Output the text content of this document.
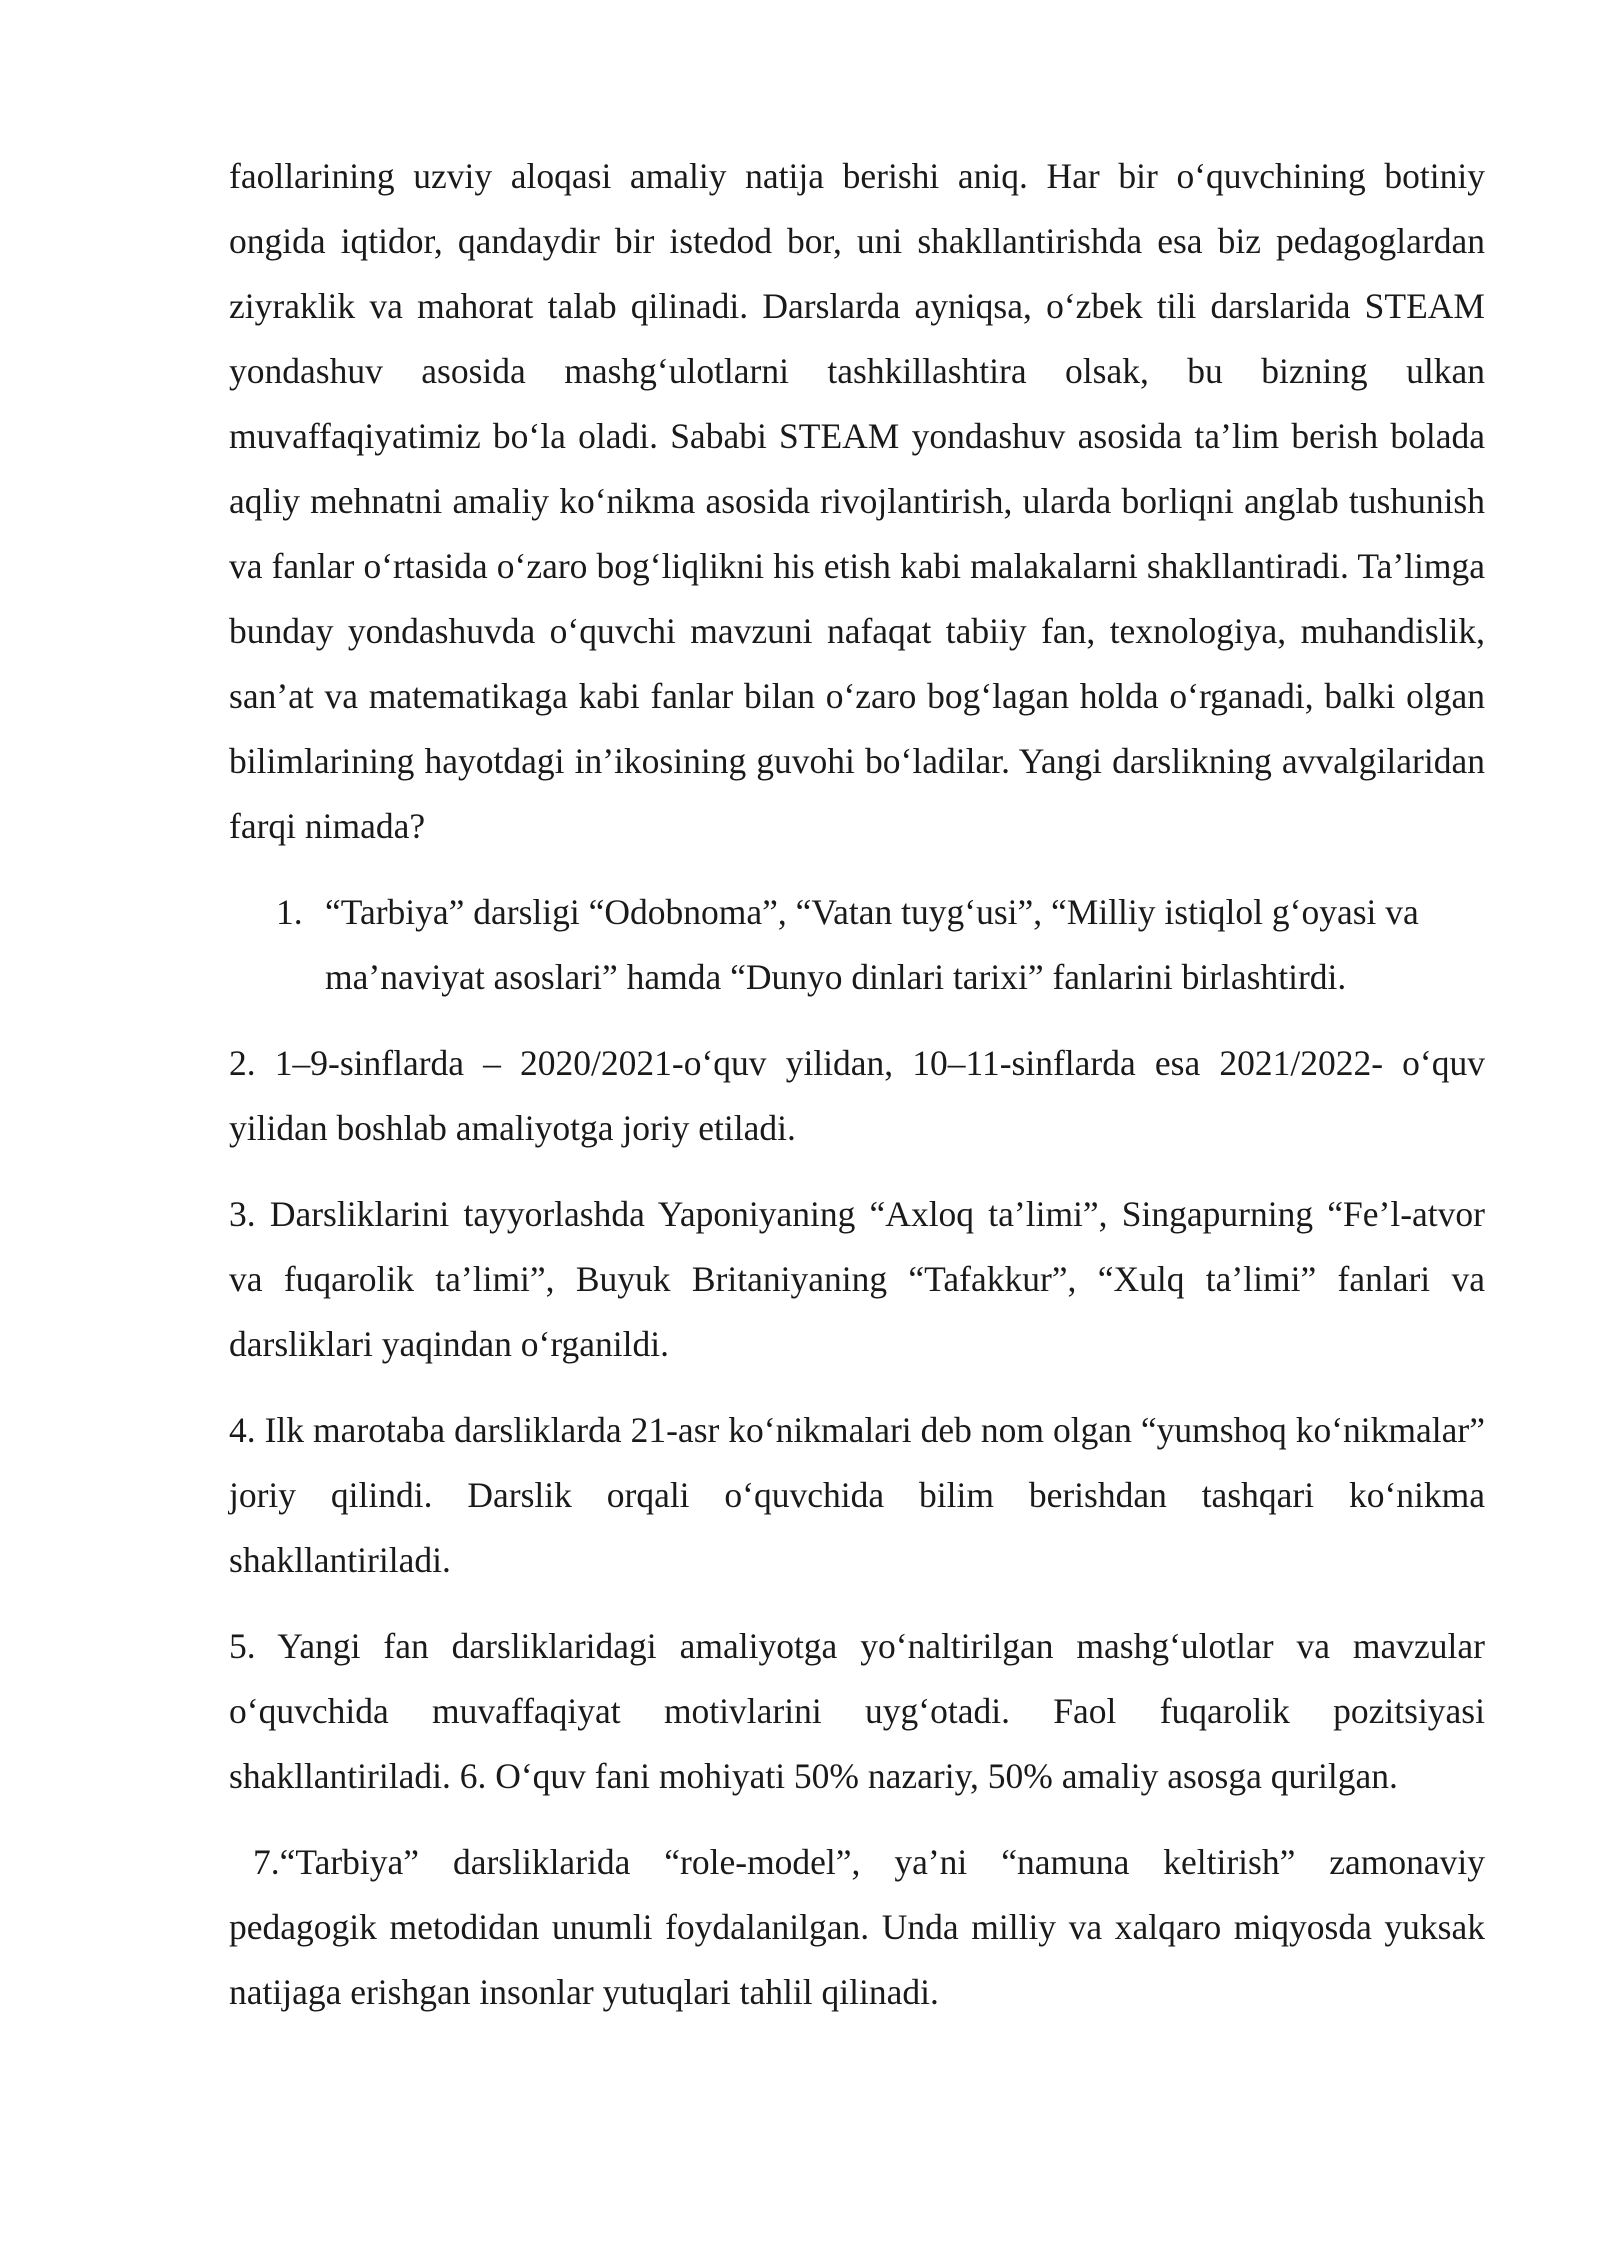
faollarining uzviy aloqasi amaliy natija berishi aniq. Har bir o‘quvchining botiniy ongida iqtidor, qandaydir bir istedod bor, uni shakllantirishda esa biz pedagoglardan ziyraklik va mahorat talab qilinadi. Darslarda ayniqsa, o‘zbek tili darslarida STEAM yondashuv asosida mashg‘ulotlarni tashkillashtira olsak, bu bizning ulkan muvaffaqiyatimiz bo‘la oladi. Sababi STEAM yondashuv asosida ta’lim berish bolada aqliy mehnatni amaliy ko‘nikma asosida rivojlantirish, ularda borliqni anglab tushunish va fanlar o‘rtasida o‘zaro bog‘liqlikni his etish kabi malakalarni shakllantiradi. Ta’limga bunday yondashuvda o‘quvchi mavzuni nafaqat tabiiy fan, texnologiya, muhandislik, san’at va matematikaga kabi fanlar bilan o‘zaro bog‘lagan holda o‘rganadi, balki olgan bilimlarining hayotdagi in’ikosining guvohi bo‘ladilar. Yangi darslikning avvalgilaridan farqi nimada?

1. “Tarbiya” darsligi “Odobnoma”, “Vatan tuyg‘usi”, “Milliy istiqlol g‘oyasi va ma’naviyat asoslari” hamda “Dunyo dinlari tarixi” fanlarini birlashtirdi.

2. 1–9-sinflarda – 2020/2021-o‘quv yilidan, 10–11-sinflarda esa 2021/2022- o‘quv yilidan boshlab amaliyotga joriy etiladi.

3. Darsliklarini tayyorlashda Yaponiyaning “Axloq ta’limi”, Singapurning “Fe’l-atvor va fuqarolik ta’limi”, Buyuk Britaniyaning “Tafakkur”, “Xulq ta’limi” fanlari va darsliklari yaqindan o‘rganildi.

4. Ilk marotaba darsliklarda 21-asr ko‘nikmalari deb nom olgan “yumshoq ko‘nikmalar” joriy qilindi. Darslik orqali o‘quvchida bilim berishdan tashqari ko‘nikma shakllantiriladi.

5. Yangi fan darsliklaridagi amaliyotga yo‘naltirilgan mashg‘ulotlar va mavzular o‘quvchida muvaffaqiyat motivlarini uyg‘otadi. Faol fuqarolik pozitsiyasi shakllantiriladi. 6. O‘quv fani mohiyati 50% nazariy, 50% amaliy asosga qurilgan.

7.“Tarbiya” darsliklarida “role-model”, ya’ni “namuna keltirish” zamonaviy pedagogik metodidan unumli foydalanilgan. Unda milliy va xalqaro miqyosda yuksak natijaga erishgan insonlar yutuqlari tahlil qilinadi.
